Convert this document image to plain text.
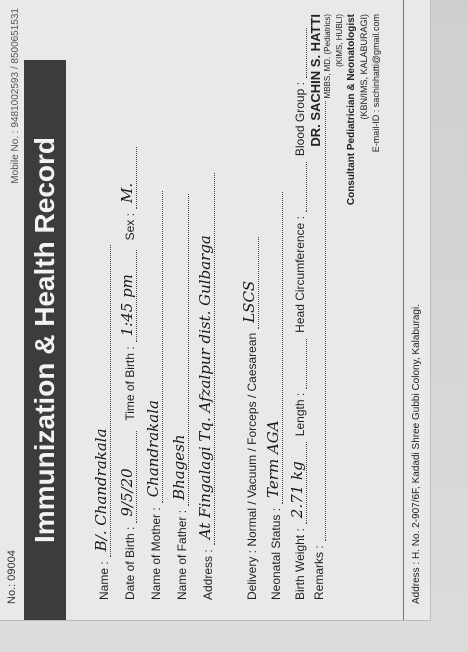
No.: 09004
Mobile No. : 9481002593 / 8500651531
Immunization & Health Record
Name :
B/. Chandrakala
Date of Birth :
9/5/20
Time of Birth :
1:45 pm
Sex :
M.
Name of Mother :
Chandrakala
Name of Father :
Bhagesh
Address :
At Fingalagi Tq. Afzalpur dist. Gulbarga	Delivery : Normal / Vacuum / Forceps / Caesarean
LSCS
Neonatal Status :
Term AGA
Birth Weight :
2.71 kg
Length :
Head Circumference :
Blood Group :
Remarks :
DR. SACHIN S. HATTI MBBS, MD. (Pediatrics) (KIMS, HUBLI) Consultant Pediatrician & Neonatologist (KBN/IMS, KALABURAGI) E-mail-ID : sachinhatti@gmail.com
Address : H. No. 2-907/6F, Kadadi Shree Gubbi Colony, Kalaburagi.
